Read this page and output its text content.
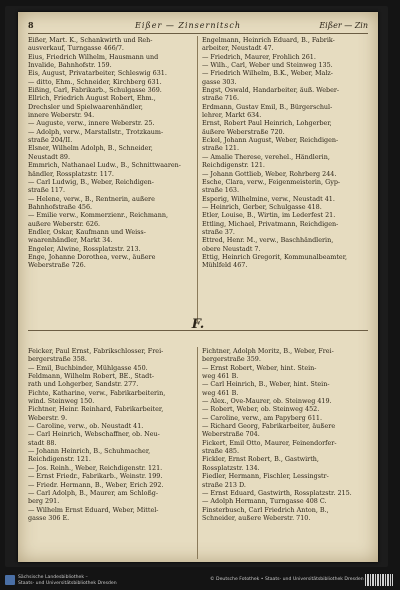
8	Eißer — Zinsernitsch	Eißer — Zin
Eißer, Mart. K., Schankwirth und Reh-
ausverkauf, Turngasse 466/7.
Eius, Friedrich Wilhelm, Hausmann und
Invalide, Bahnhofstr. 159.
Eis, August, Privatarbeiter, Schleswig 631.
— ditto, Ehm., Schneider, Kirchberg 631.
Eißing, Carl, Fabrikarb., Schulgasse 369.
Ellrich, Friedrich August Robert, Ehm.,
Drechsler und Spielwaarenhändler,
innere Weberstr. 94.
— Auguste, verw., innere Weberstr. 25.
— Adolph, verw., Marstallstr., Trotzkaum-
straße 204/II.
Elsner, Wilhelm Adolph, B., Schneider,
Neustadt 89.
Emmrich, Nathanael Ludw., B., Schnittwaaren-
händler, Rossplatzstr. 117.
— Carl Ludwig, B., Weber, Reichdigen-
straße 117.
— Helene, verw., B., Rentnerin, außere
Bahnhofstraße 456.
— Emilie verw., Kommerzienr., Reichmann,
außere Weberstr. 626.
Endler, Oskar, Kaufmann und Weiss-
waarenhändler, Markt 34.
Engeler, Alwine, Rossplatzstr. 213.
Enge, Johanne Dorothea, verw., äußere
Weberstraße 726.
Engelmann, Heinrich Eduard, B., Fabrik-
arbeiter, Neustadt 47.
— Friedrich, Maurer, Frohlich 261.
— Wilh., Carl, Weber und Steinweg 135.
— Friedrich Wilhelm, B.K., Weber, Malz-
gasse 303.
Engst, Oswald, Handarbeiter, äuß. Weber-
straße 716.
Erdmann, Gustav Emil, B., Bürgerschul-
lehrer, Markt 634.
Ernst, Robert Paul Heinrich, Lohgerber,
äußere Weberstraße 720.
Eckel, Johann August, Weber, Reichdigen-
straße 121.
— Amalie Therese, verehel., Händlerin,
Reichdigenstr. 121.
— Johann Gottlieb, Weber, Rohrberg 244.
Esche, Clara, verw., Feigenmeisterin, Gyp-
straße 163.
Esperig, Wilhelmine, verw., Neustadt 41.
— Heinrich, Gerber, Schulgasse 418.
Etler, Louise, B., Wirtin, im Lederfest 21.
Ettling, Michael, Privatmann, Reichdigen-
straße 37.
Ettred, Henr. M., verw., Baschhändlerin,
obere Neustadt 7.
Ettig, Heinrich Gregorit, Kommunalbeamter,
Mühlfeld 467.
F.
Feicker, Paul Ernst, Fabrikschlosser, Frei-
bergerstraße 358.
— Emil, Buchbinder, Mühlgasse 450.
Feldmann, Wilhelm Robert, BE., Stadt-
rath und Lohgerber, Sandstr. 277.
Fichte, Katharine, verw., Fabrikarbeiterin,
wind. Steinweg 150.
Fichtner, Heinr. Reinhard, Fabrikarbeiter,
Weberstr. 9.
— Caroline, verw., ob. Neustadt 41.
— Carl Heinrich, Webschaffner, ob. Neu-
stadt 88.
— Johann Heinrich, B., Schuhmacher,
Reichdigenstr. 121.
— Jos. Reinh., Weber, Reichdigenstr. 121.
— Ernst Friedr., Fabrikarb., Weinstr. 199.
— Friedr. Hermann, B., Weber, Erich 292.
— Carl Adolph, B., Maurer, am Schloßg-
berg 291.
— Wilhelm Ernst Eduard, Weber, Mittel-
gasse 306 E.
Fichtner, Adolph Moritz, B., Weber, Frei-
bergerstraße 359.
— Ernst Robert, Weber, hint. Stein-
weg 461 B.
— Carl Heinrich, B., Weber, hint. Stein-
weg 461 B.
— Alex., Ove-Maurer, ob. Steinweg 419.
— Robert, Weber, ob. Steinweg 452.
— Caroline, verw., am Papyberg 611.
— Richard Georg, Fabrikarbeiter, äußere
Weberstraße 704.
Fickert, Emil Otto, Maurer, Feinendorfer-
straße 485.
Fickler, Ernst Robert, B., Gastwirth,
Rossplatzstr. 134.
Fiedler, Hermann, Fischler, Lessingstr-
straße 213 D.
— Ernst Eduard, Gastwirth, Rossplatzstr. 215.
— Adolph Hermann, Turngasse 408 C.
Finsterbusch, Carl Friedrich Anton, B.,
Schneider, außere Weberstr. 710.
Sächsische Landesbibliothek –
Staats- und Universitätsbibliothek Dresden
© Deutsche Fotothek • Staats- und Universitätsbibliothek Dresden
